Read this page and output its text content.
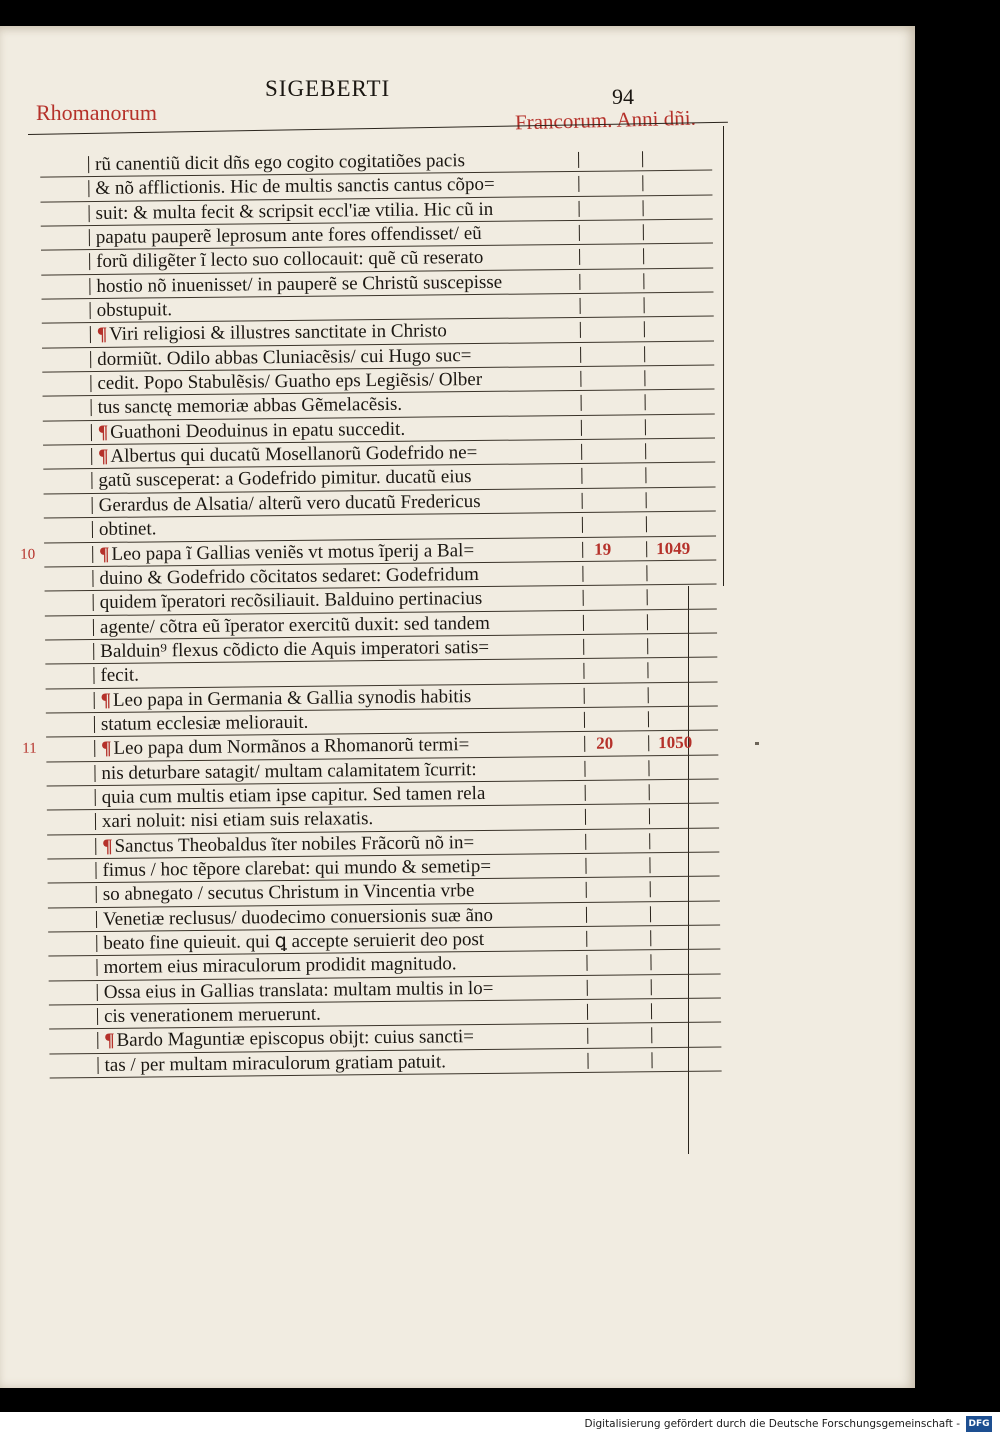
SIGEBERTI	94
Rhomanorum	Francorum. Anni dñi.
rũ canentiũ dicit dñs ego cogito cogitatiões pacis
& nõ afflictionis. Hic de multis sanctis cantus cõpo=
suit: & multa fecit & scripsit eccl'iæ vtilia. Hic cũ in
papatu pauperẽ leprosum ante fores offendisset/ eũ
forũ diligẽter ĩ lecto suo collocauit: quẽ cũ reserato
hostio nõ inuenisset/ in pauperẽ se Christũ suscepisse
obstupuit.
¶Viri religiosi & illustres sanctitate in Christo
dormiũt. Odilo abbas Cluniacẽsis/ cui Hugo suc=
cedit. Popo Stabulẽsis/ Guatho eps Legiẽsis/ Olber
tus sanctę memoriæ abbas Gẽmelacẽsis.
¶Guathoni Deoduinus in epatu succedit.
¶Albertus qui ducatũ Mosellanorũ Godefrido ne=
gatũ susceperat: a Godefrido pimitur. ducatũ eius
Gerardus de Alsatia/ alterũ vero ducatũ Fredericus
obtinet.
10	¶Leo papa ĩ Gallias veniẽs vt motus ĩperij a Bal=	19	1049
duino & Godefrido cõcitatos sedaret: Godefridum
quidem ĩperatori recõsiliauit. Balduino pertinacius
agente/ cõtra eũ ĩperator exercitũ duxit: sed tandem
Balduin⁹ flexus cõdicto die Aquis imperatori satis=
fecit.
¶Leo papa in Germania & Gallia synodis habitis
statum ecclesiæ meliorauit.
11	¶Leo papa dum Normãnos a Rhomanorũ termi=	20	1050
nis deturbare satagit/ multam calamitatem ĩcurrit:
quia cum multis etiam ipse capitur. Sed tamen rela
xari noluit: nisi etiam suis relaxatis.
¶Sanctus Theobaldus ĩter nobiles Frãcorũ nõ in=
fimus / hoc tẽpore clarebat: qui mundo & semetip=
so abnegato / secutus Christum in Vincentia vrbe
Venetiæ reclusus/ duodecimo conuersionis suæ ãno
beato fine quieuit. qui ꝗ accepte seruierit deo post
mortem eius miraculorum prodidit magnitudo.
Ossa eius in Gallias translata: multam multis in lo=
cis venerationem meruerunt.
¶Bardo Maguntiæ episcopus obijt: cuius sancti=
tas / per multam miraculorum gratiam patuit.
Digitalisierung gefördert durch die Deutsche Forschungsgemeinschaft - DFG
